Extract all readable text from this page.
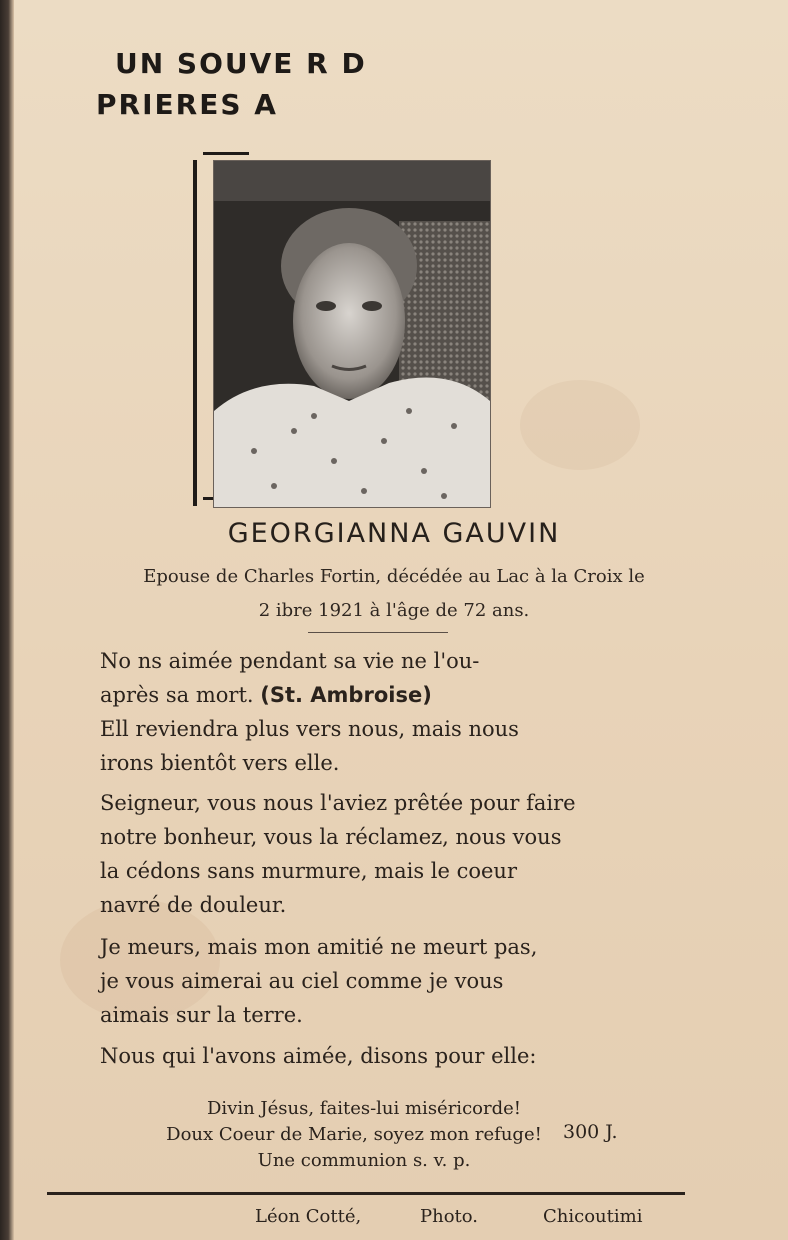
UN SOUVE R D
PRIERES A
GEORGIANNA GAUVIN
Epouse de Charles Fortin, décédée au Lac à la Croix le
2 ibre 1921 à l'âge de 72 ans.
No ns aimée pendant sa vie ne l'ou-
après sa mort. (St. Ambroise)
Ell reviendra plus vers nous, mais nous
irons bientôt vers elle.
Seigneur, vous nous l'aviez prêtée pour faire
notre bonheur, vous la réclamez, nous vous
la cédons sans murmure, mais le coeur
navré de douleur.
Je meurs, mais mon amitié ne meurt pas,
je vous aimerai au ciel comme je vous
aimais sur la terre.
Nous qui l'avons aimée, disons pour elle:
Divin Jésus, faites-lui miséricorde!
Doux Coeur de Marie, soyez mon refuge!	300 J.
Une communion s. v. p.
Léon Cotté,	Photo.	Chicoutimi
